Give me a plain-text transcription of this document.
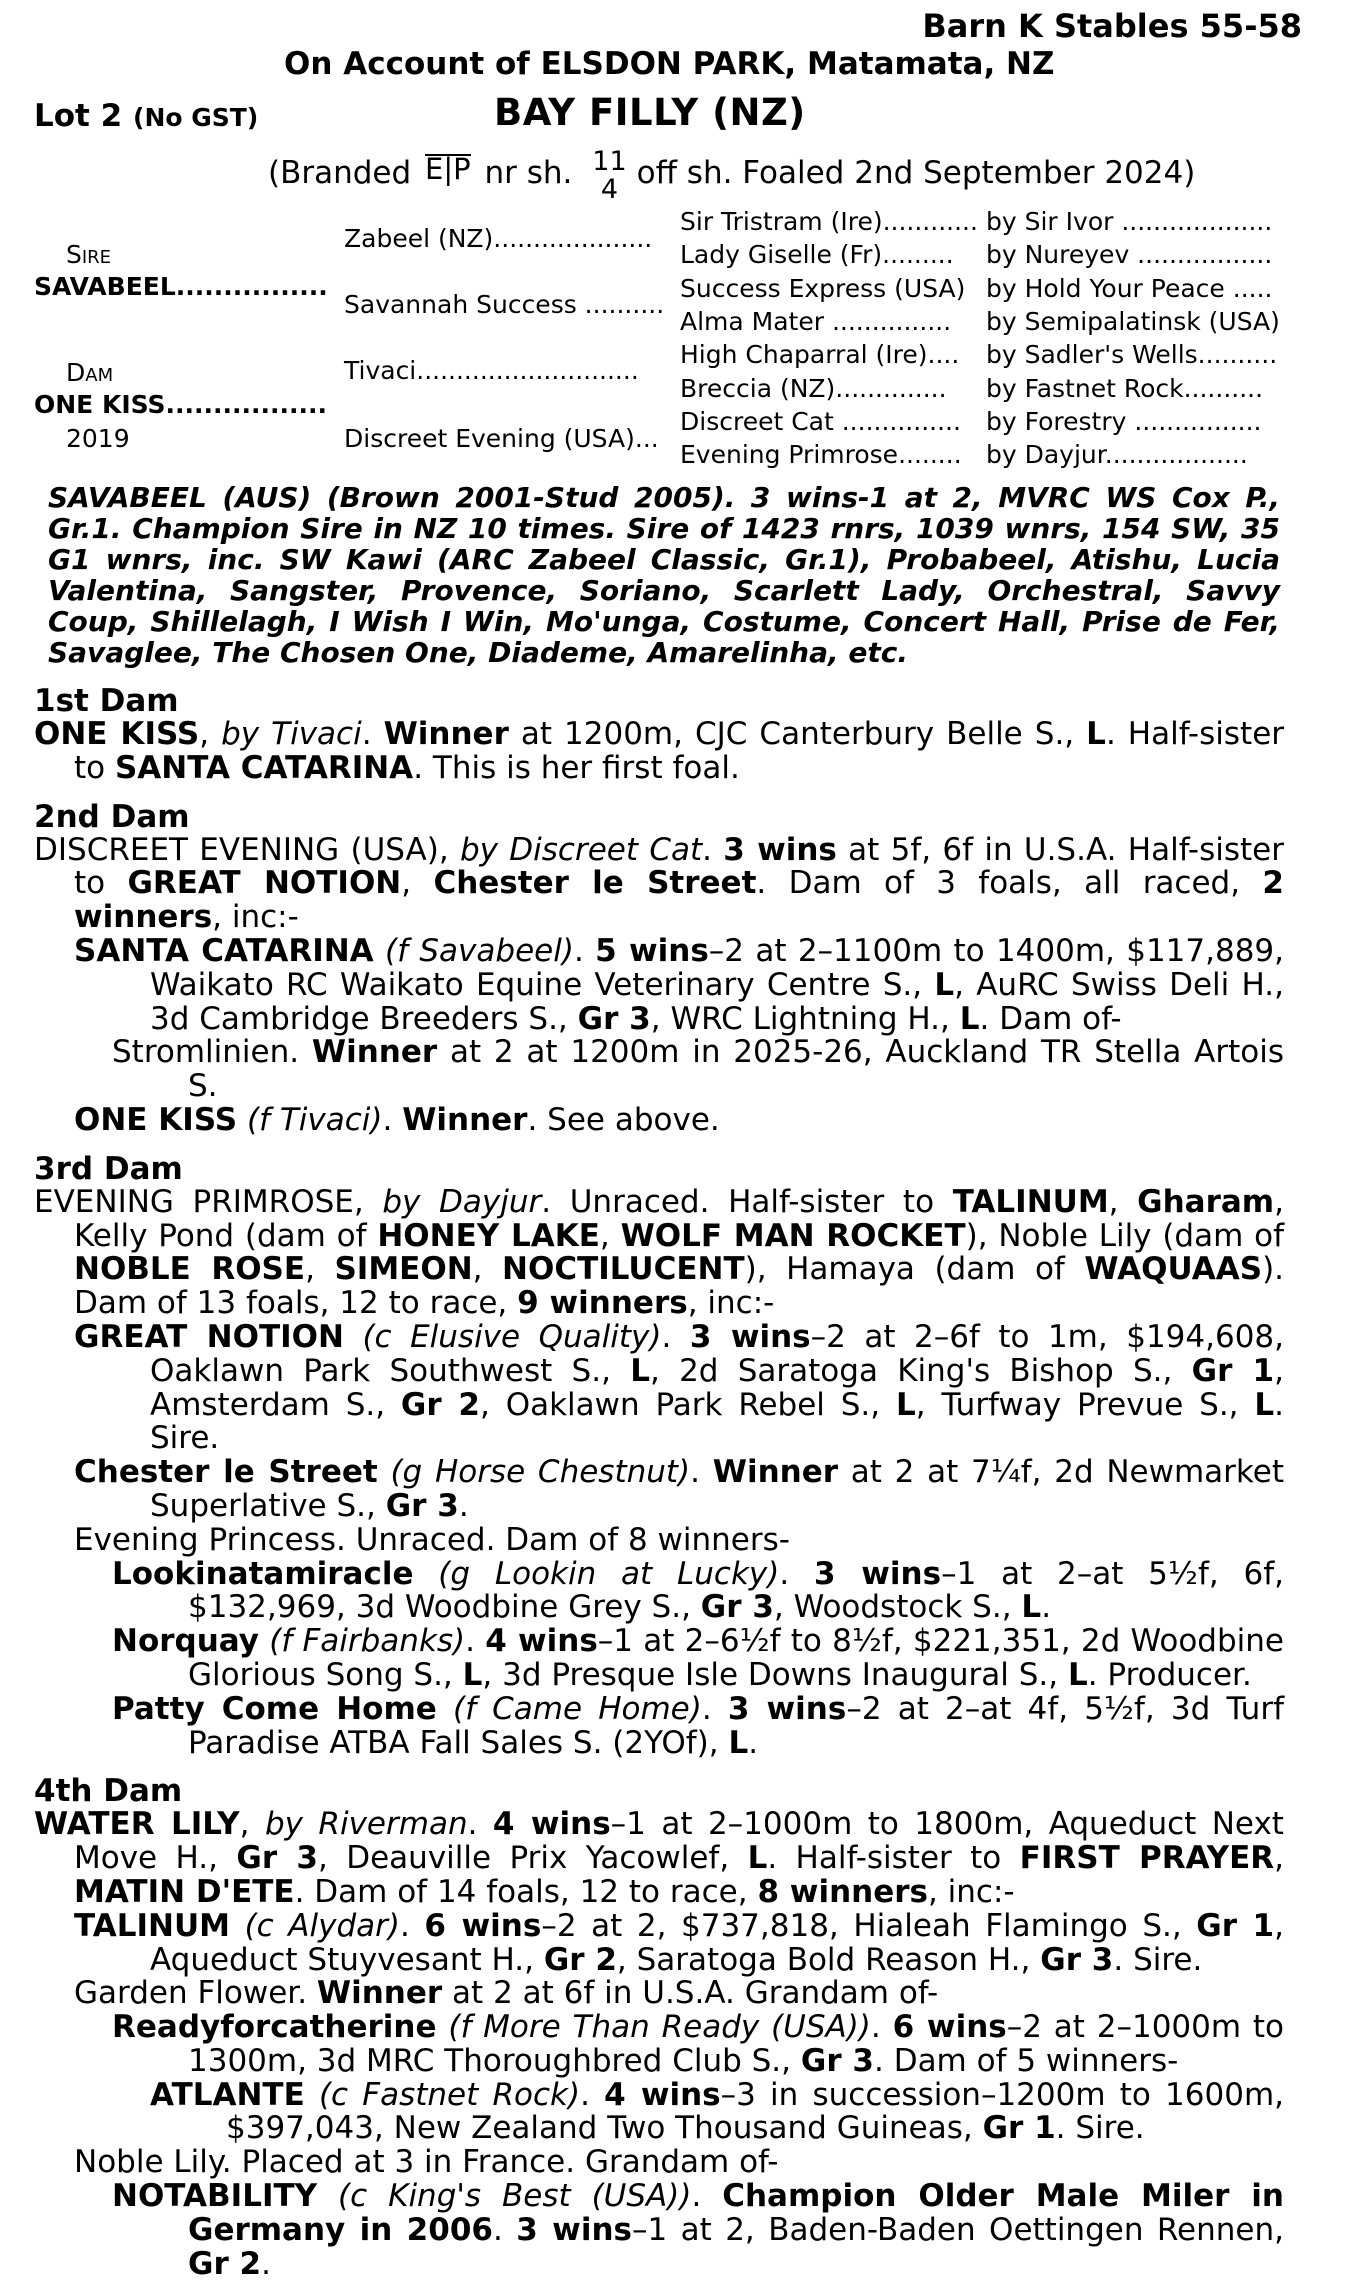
Barn K Stables 55-58
On Account of ELSDON PARK, Matamata, NZ
Lot 2 (No GST)	BAY FILLY (NZ)
(Branded E|P nr sh. 11
4 off sh. Foaled 2nd September 2024)
Sire
SAVABEEL................
Dam
ONE KISS.................
2019
Zabeel (NZ)....................
Savannah Success ..........
Tivaci............................
Discreet Evening (USA)...
Sir Tristram (Ire)............
Lady Giselle (Fr).........
Success Express (USA)
Alma Mater ...............
High Chaparral (Ire)....
Breccia (NZ)..............
Discreet Cat ...............
Evening Primrose........
by Sir Ivor ...................
by Nureyev .................
by Hold Your Peace .....
by Semipalatinsk (USA)
by Sadler's Wells..........
by Fastnet Rock..........
by Forestry ................
by Dayjur..................
SAVABEEL (AUS) (Brown 2001-Stud 2005). 3 wins-1 at 2, MVRC WS Cox P., Gr.1. Champion Sire in NZ 10 times. Sire of 1423 rnrs, 1039 wnrs, 154 SW, 35 G1 wnrs, inc. SW Kawi (ARC Zabeel Classic, Gr.1), Probabeel, Atishu, Lucia Valentina, Sangster, Provence, Soriano, Scarlett Lady, Orchestral, Savvy Coup, Shillelagh, I Wish I Win, Mo'unga, Costume, Concert Hall, Prise de Fer, Savaglee, The Chosen One, Diademe, Amarelinha, etc.
1st Dam
ONE KISS, by Tivaci. Winner at 1200m, CJC Canterbury Belle S., L. Half-sister to SANTA CATARINA. This is her first foal.
2nd Dam
DISCREET EVENING (USA), by Discreet Cat. 3 wins at 5f, 6f in U.S.A. Half-sister to GREAT NOTION, Chester le Street. Dam of 3 foals, all raced, 2 winners, inc:-
SANTA CATARINA (f Savabeel). 5 wins–2 at 2–1100m to 1400m, $117,889, Waikato RC Waikato Equine Veterinary Centre S., L, AuRC Swiss Deli H., 3d Cambridge Breeders S., Gr 3, WRC Lightning H., L. Dam of-
Stromlinien. Winner at 2 at 1200m in 2025-26, Auckland TR Stella Artois S.
ONE KISS (f Tivaci). Winner. See above.
3rd Dam
EVENING PRIMROSE, by Dayjur. Unraced. Half-sister to TALINUM, Gharam, Kelly Pond (dam of HONEY LAKE, WOLF MAN ROCKET), Noble Lily (dam of NOBLE ROSE, SIMEON, NOCTILUCENT), Hamaya (dam of WAQUAAS). Dam of 13 foals, 12 to race, 9 winners, inc:-
GREAT NOTION (c Elusive Quality). 3 wins–2 at 2–6f to 1m, $194,608, Oaklawn Park Southwest S., L, 2d Saratoga King's Bishop S., Gr 1, Amsterdam S., Gr 2, Oaklawn Park Rebel S., L, Turfway Prevue S., L. Sire.
Chester le Street (g Horse Chestnut). Winner at 2 at 7¼f, 2d Newmarket Superlative S., Gr 3.
Evening Princess. Unraced. Dam of 8 winners-
Lookinatamiracle (g Lookin at Lucky). 3 wins–1 at 2–at 5½f, 6f, $132,969, 3d Woodbine Grey S., Gr 3, Woodstock S., L.
Norquay (f Fairbanks). 4 wins–1 at 2–6½f to 8½f, $221,351, 2d Woodbine Glorious Song S., L, 3d Presque Isle Downs Inaugural S., L. Producer.
Patty Come Home (f Came Home). 3 wins–2 at 2–at 4f, 5½f, 3d Turf Paradise ATBA Fall Sales S. (2YOf), L.
4th Dam
WATER LILY, by Riverman. 4 wins–1 at 2–1000m to 1800m, Aqueduct Next Move H., Gr 3, Deauville Prix Yacowlef, L. Half-sister to FIRST PRAYER, MATIN D'ETE. Dam of 14 foals, 12 to race, 8 winners, inc:-
TALINUM (c Alydar). 6 wins–2 at 2, $737,818, Hialeah Flamingo S., Gr 1, Aqueduct Stuyvesant H., Gr 2, Saratoga Bold Reason H., Gr 3. Sire.
Garden Flower. Winner at 2 at 6f in U.S.A. Grandam of-
Readyforcatherine (f More Than Ready (USA)). 6 wins–2 at 2–1000m to 1300m, 3d MRC Thoroughbred Club S., Gr 3. Dam of 5 winners-
ATLANTE (c Fastnet Rock). 4 wins–3 in succession–1200m to 1600m, $397,043, New Zealand Two Thousand Guineas, Gr 1. Sire.
Noble Lily. Placed at 3 in France. Grandam of-
NOTABILITY (c King's Best (USA)). Champion Older Male Miler in Germany in 2006. 3 wins–1 at 2, Baden-Baden Oettingen Rennen, Gr 2.
